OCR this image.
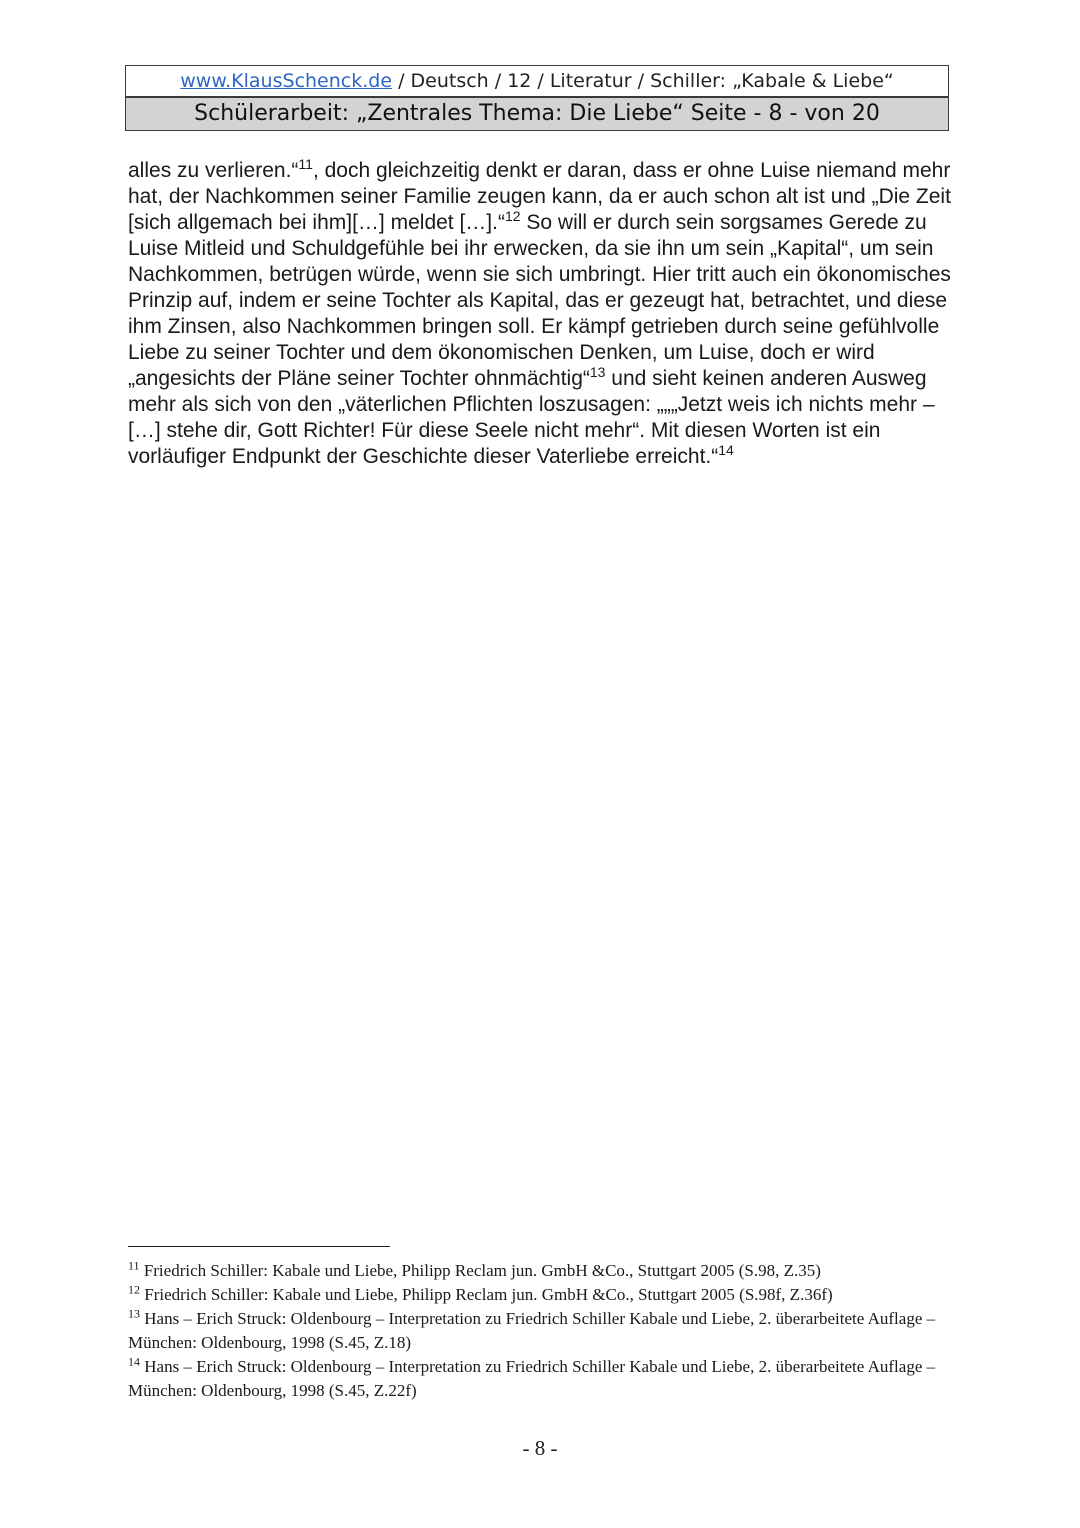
www.KlausSchenck.de / Deutsch / 12 / Literatur / Schiller: „Kabale & Liebe“
Schülerarbeit: „Zentrales Thema: Die Liebe“ Seite - 8 - von 20

alles zu verlieren.“$^{11}$, doch gleichzeitig denkt er daran, dass er ohne Luise niemand mehr hat, der Nachkommen seiner Familie zeugen kann, da er auch schon alt ist und „Die Zeit [sich allgemach bei ihm][…] meldet […].“$^{12}$ So will er durch sein sorgsames Gerede zu Luise Mitleid und Schuldgefühle bei ihr erwecken, da sie ihn um sein „Kapital“, um sein Nachkommen, betrügen würde, wenn sie sich umbringt. Hier tritt auch ein ökonomisches Prinzip auf, indem er seine Tochter als Kapital, das er gezeugt hat, betrachtet, und diese ihm Zinsen, also Nachkommen bringen soll. Er kämpf getrieben durch seine gefühlvolle Liebe zu seiner Tochter und dem ökonomischen Denken, um Luise, doch er wird „angesichts der Pläne seiner Tochter ohnmächtig“$^{13}$ und sieht keinen anderen Ausweg mehr als sich von den „väterlichen Pflichten loszusagen: „„„Jetzt weis ich nichts mehr – […] stehe dir, Gott Richter! Für diese Seele nicht mehr“. Mit diesen Worten ist ein vorläufiger Endpunkt der Geschichte dieser Vaterliebe erreicht.“$^{14}$

$^{11}$ Friedrich Schiller: Kabale und Liebe, Philipp Reclam jun. GmbH &Co., Stuttgart 2005 (S.98, Z.35)

$^{12}$ Friedrich Schiller: Kabale und Liebe, Philipp Reclam jun. GmbH &Co., Stuttgart 2005 (S.98f, Z.36f)

$^{13}$ Hans – Erich Struck: Oldenbourg – Interpretation zu Friedrich Schiller Kabale und Liebe, 2. überarbeitete Auflage – München: Oldenbourg, 1998 (S.45, Z.18)

$^{14}$ Hans – Erich Struck: Oldenbourg – Interpretation zu Friedrich Schiller Kabale und Liebe, 2. überarbeitete Auflage – München: Oldenbourg, 1998 (S.45, Z.22f)

- 8 -
